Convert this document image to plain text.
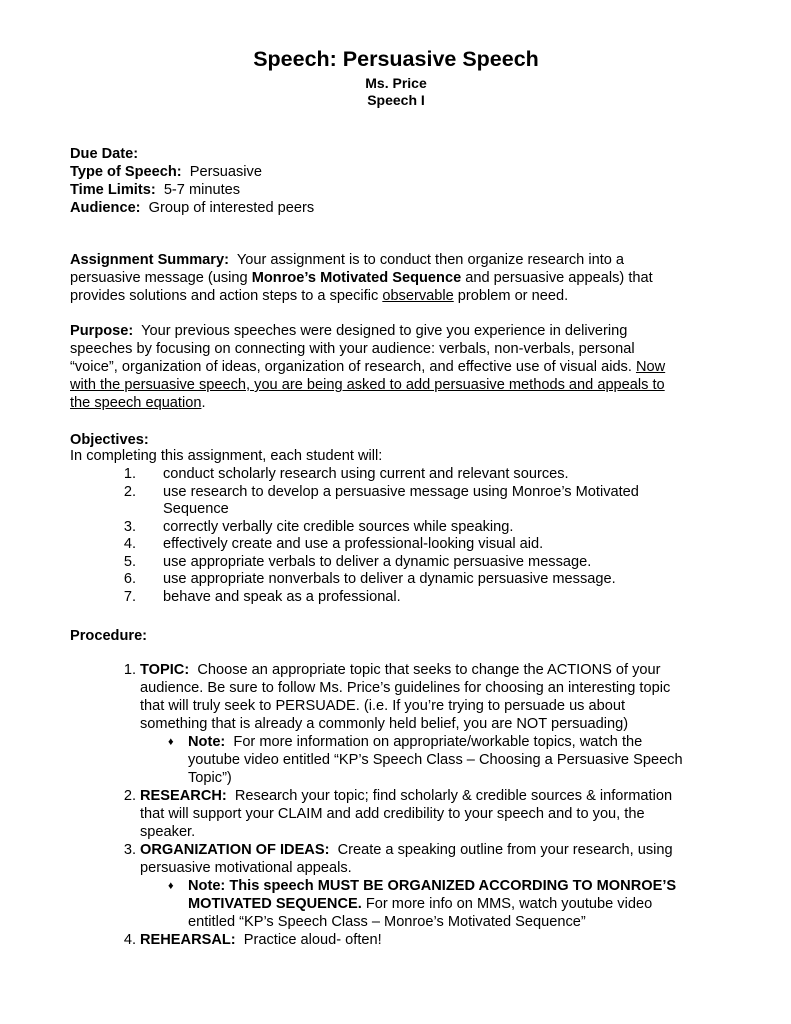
Speech: Persuasive Speech
Ms. Price
Speech I
Due Date:
Type of Speech: Persuasive
Time Limits: 5-7 minutes
Audience: Group of interested peers
Assignment Summary: Your assignment is to conduct then organize research into a
persuasive message (using Monroe’s Motivated Sequence and persuasive appeals) that
provides solutions and action steps to a specific observable problem or need.
Purpose: Your previous speeches were designed to give you experience in delivering
speeches by focusing on connecting with your audience: verbals, non-verbals, personal
“voice”, organization of ideas, organization of research, and effective use of visual aids. Now
with the persuasive speech, you are being asked to add persuasive methods and appeals to
the speech equation.
Objectives:
In completing this assignment, each student will:
1. conduct scholarly research using current and relevant sources.
2. use research to develop a persuasive message using Monroe’s Motivated
Sequence
3. correctly verbally cite credible sources while speaking.
4. effectively create and use a professional-looking visual aid.
5. use appropriate verbals to deliver a dynamic persuasive message.
6. use appropriate nonverbals to deliver a dynamic persuasive message.
7. behave and speak as a professional.
Procedure:
1. TOPIC: Choose an appropriate topic that seeks to change the ACTIONS of your
audience. Be sure to follow Ms. Price’s guidelines for choosing an interesting topic
that will truly seek to PERSUADE. (i.e. If you’re trying to persuade us about
something that is already a commonly held belief, you are NOT persuading)
♦ Note: For more information on appropriate/workable topics, watch the
youtube video entitled “KP’s Speech Class – Choosing a Persuasive Speech
Topic”)
2. RESEARCH: Research your topic; find scholarly & credible sources & information
that will support your CLAIM and add credibility to your speech and to you, the
speaker.
3. ORGANIZATION OF IDEAS: Create a speaking outline from your research, using
persuasive motivational appeals.
♦ Note: This speech MUST BE ORGANIZED ACCORDING TO MONROE’S
MOTIVATED SEQUENCE. For more info on MMS, watch youtube video
entitled “KP’s Speech Class – Monroe’s Motivated Sequence”
4. REHEARSAL: Practice aloud- often!
